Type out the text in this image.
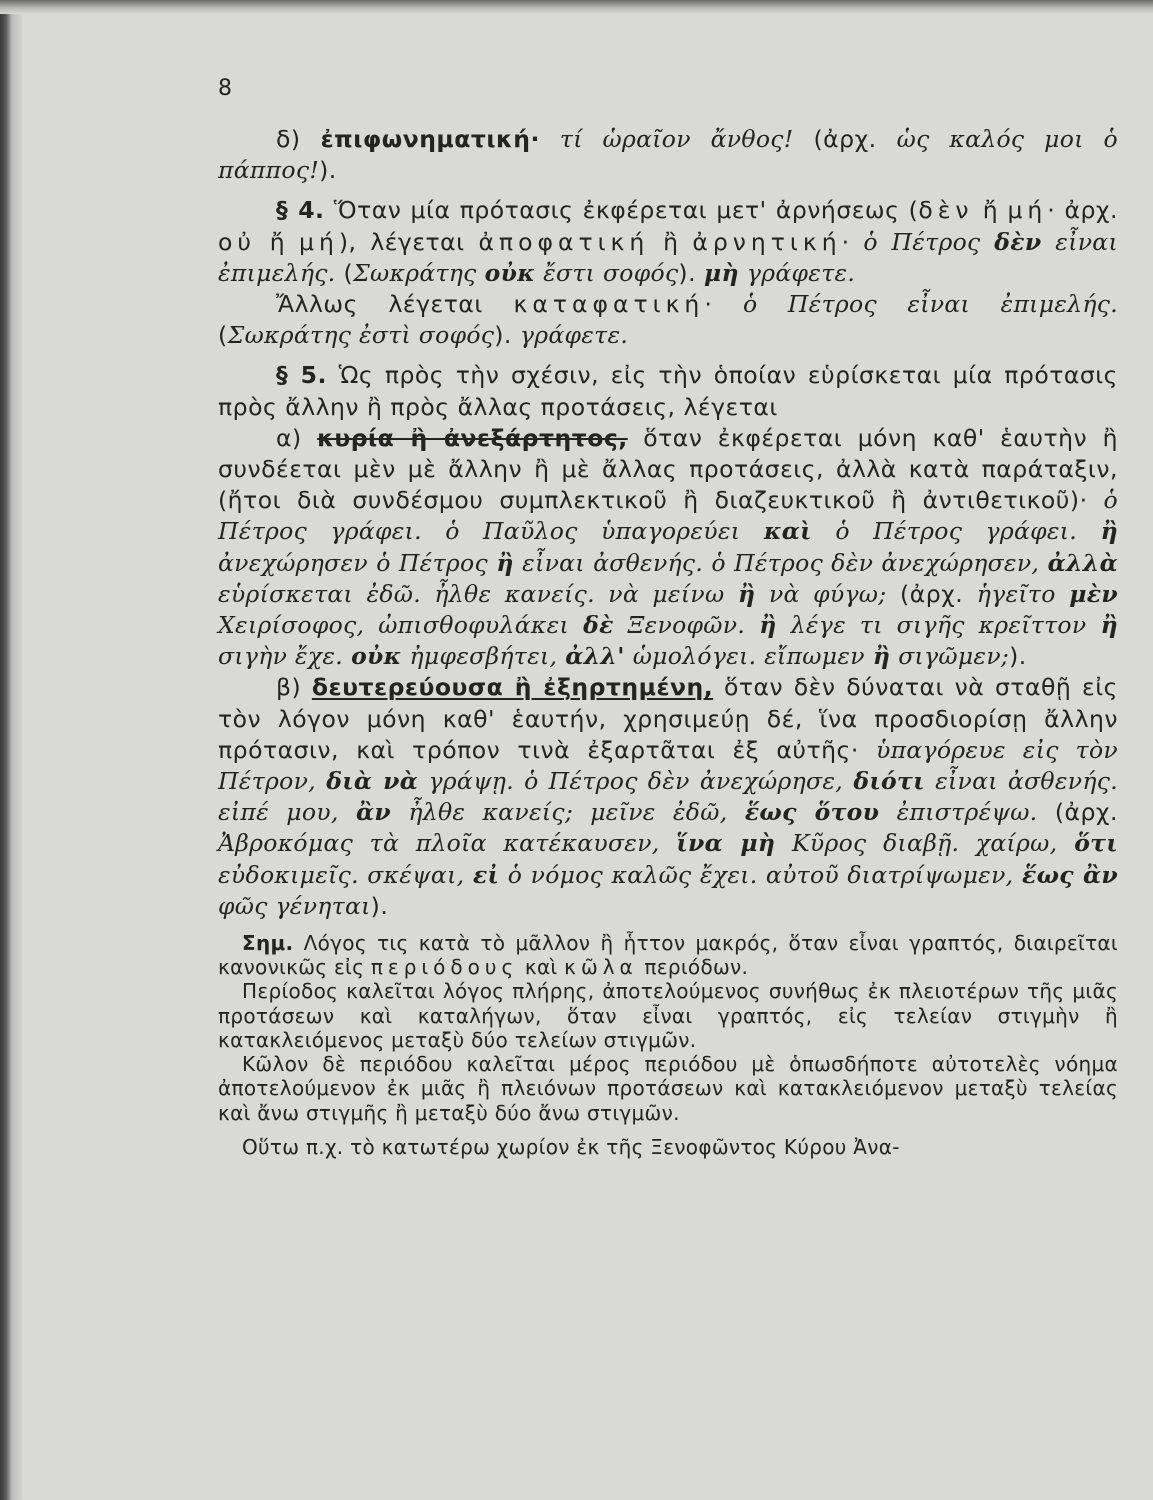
8

δ) ἐπιφωνηματική· τί ὡραῖον ἄνθος! (ἀρχ. ὡς καλός μοι ὁ πάππος!).

§ 4. Ὅταν μία πρότασις ἐκφέρεται μετ' ἀρνήσεως (δὲν ἤ μή· ἀρχ. οὐ ἤ μή), λέγεται ἀποφατική ἢ ἀρνητική· ὁ Πέτρος δὲν εἶναι ἐπιμελής. (Σωκράτης οὐκ ἔστι σοφός). μὴ γράφετε.

Ἄλλως λέγεται καταφατική· ὁ Πέτρος εἶναι ἐπιμελής. (Σωκράτης ἐστὶ σοφός). γράφετε.

§ 5. Ὡς πρὸς τὴν σχέσιν, εἰς τὴν ὁποίαν εὑρίσκεται μία πρότασις πρὸς ἄλλην ἢ πρὸς ἄλλας προτάσεις, λέγεται

α) κυρία ἢ ἀνεξάρτητος, ὅταν ἐκφέρεται μόνη καθ' ἑαυτὴν ἢ συνδέεται μὲν μὲ ἄλλην ἢ μὲ ἄλλας προτάσεις, ἀλλὰ κατὰ παράταξιν, (ἤτοι διὰ συνδέσμου συμπλεκτικοῦ ἢ διαζευκτικοῦ ἢ ἀντιθετικοῦ)· ὁ Πέτρος γράφει. ὁ Παῦλος ὑπαγορεύει καὶ ὁ Πέτρος γράφει. ἢ ἀνεχώρησεν ὁ Πέτρος ἢ εἶναι ἀσθενής. ὁ Πέτρος δὲν ἀνεχώρησεν, ἀλλὰ εὑρίσκεται ἐδῶ. ἦλθε κανείς. νὰ μείνω ἢ νὰ φύγω; (ἀρχ. ἡγεῖτο μὲν Χειρίσοφος, ὠπισθοφυλάκει δὲ Ξενοφῶν. ἢ λέγε τι σιγῆς κρεῖττον ἢ σιγὴν ἔχε. οὐκ ἠμφεσβήτει, ἀλλ' ὡμολόγει. εἴπωμεν ἢ σιγῶμεν;).

β) δευτερεύουσα ἢ ἐξηρτημένη, ὅταν δὲν δύναται νὰ σταθῇ εἰς τὸν λόγον μόνη καθ' ἑαυτήν, χρησιμεύῃ δέ, ἵνα προσδιορίσῃ ἄλλην πρότασιν, καὶ τρόπον τινὰ ἐξαρτᾶται ἐξ αὐτῆς· ὑπαγόρευε εἰς τὸν Πέτρον, διὰ νὰ γράψῃ. ὁ Πέτρος δὲν ἀνεχώρησε, διότι εἶναι ἀσθενής. εἰπέ μου, ἂν ἦλθε κανείς; μεῖνε ἐδῶ, ἕως ὅτου ἐπιστρέψω. (ἀρχ. Ἀβροκόμας τὰ πλοῖα κατέκαυσεν, ἵνα μὴ Κῦρος διαβῇ. χαίρω, ὅτι εὐδοκιμεῖς. σκέψαι, εἰ ὁ νόμος καλῶς ἔχει. αὐτοῦ διατρίψωμεν, ἕως ἂν φῶς γένηται).

Σημ. Λόγος τις κατὰ τὸ μᾶλλον ἢ ἧττον μακρός, ὅταν εἶναι γραπτός, διαιρεῖται κανονικῶς εἰς περιόδους καὶ κῶλα περιόδων.

Περίοδος καλεῖται λόγος πλήρης, ἀποτελούμενος συνήθως ἐκ πλειοτέρων τῆς μιᾶς προτάσεων καὶ καταλήγων, ὅταν εἶναι γραπτός, εἰς τελείαν στιγμὴν ἢ κατακλειόμενος μεταξὺ δύο τελείων στιγμῶν.

Κῶλον δὲ περιόδου καλεῖται μέρος περιόδου μὲ ὁπωσδήποτε αὐτοτελὲς νόημα ἀποτελούμενον ἐκ μιᾶς ἢ πλειόνων προτάσεων καὶ κατακλειόμενον μεταξὺ τελείας καὶ ἄνω στιγμῆς ἢ μεταξὺ δύο ἄνω στιγμῶν.

Οὕτω π.χ. τὸ κατωτέρω χωρίον ἐκ τῆς Ξενοφῶντος Κύρου Ἀνα-
